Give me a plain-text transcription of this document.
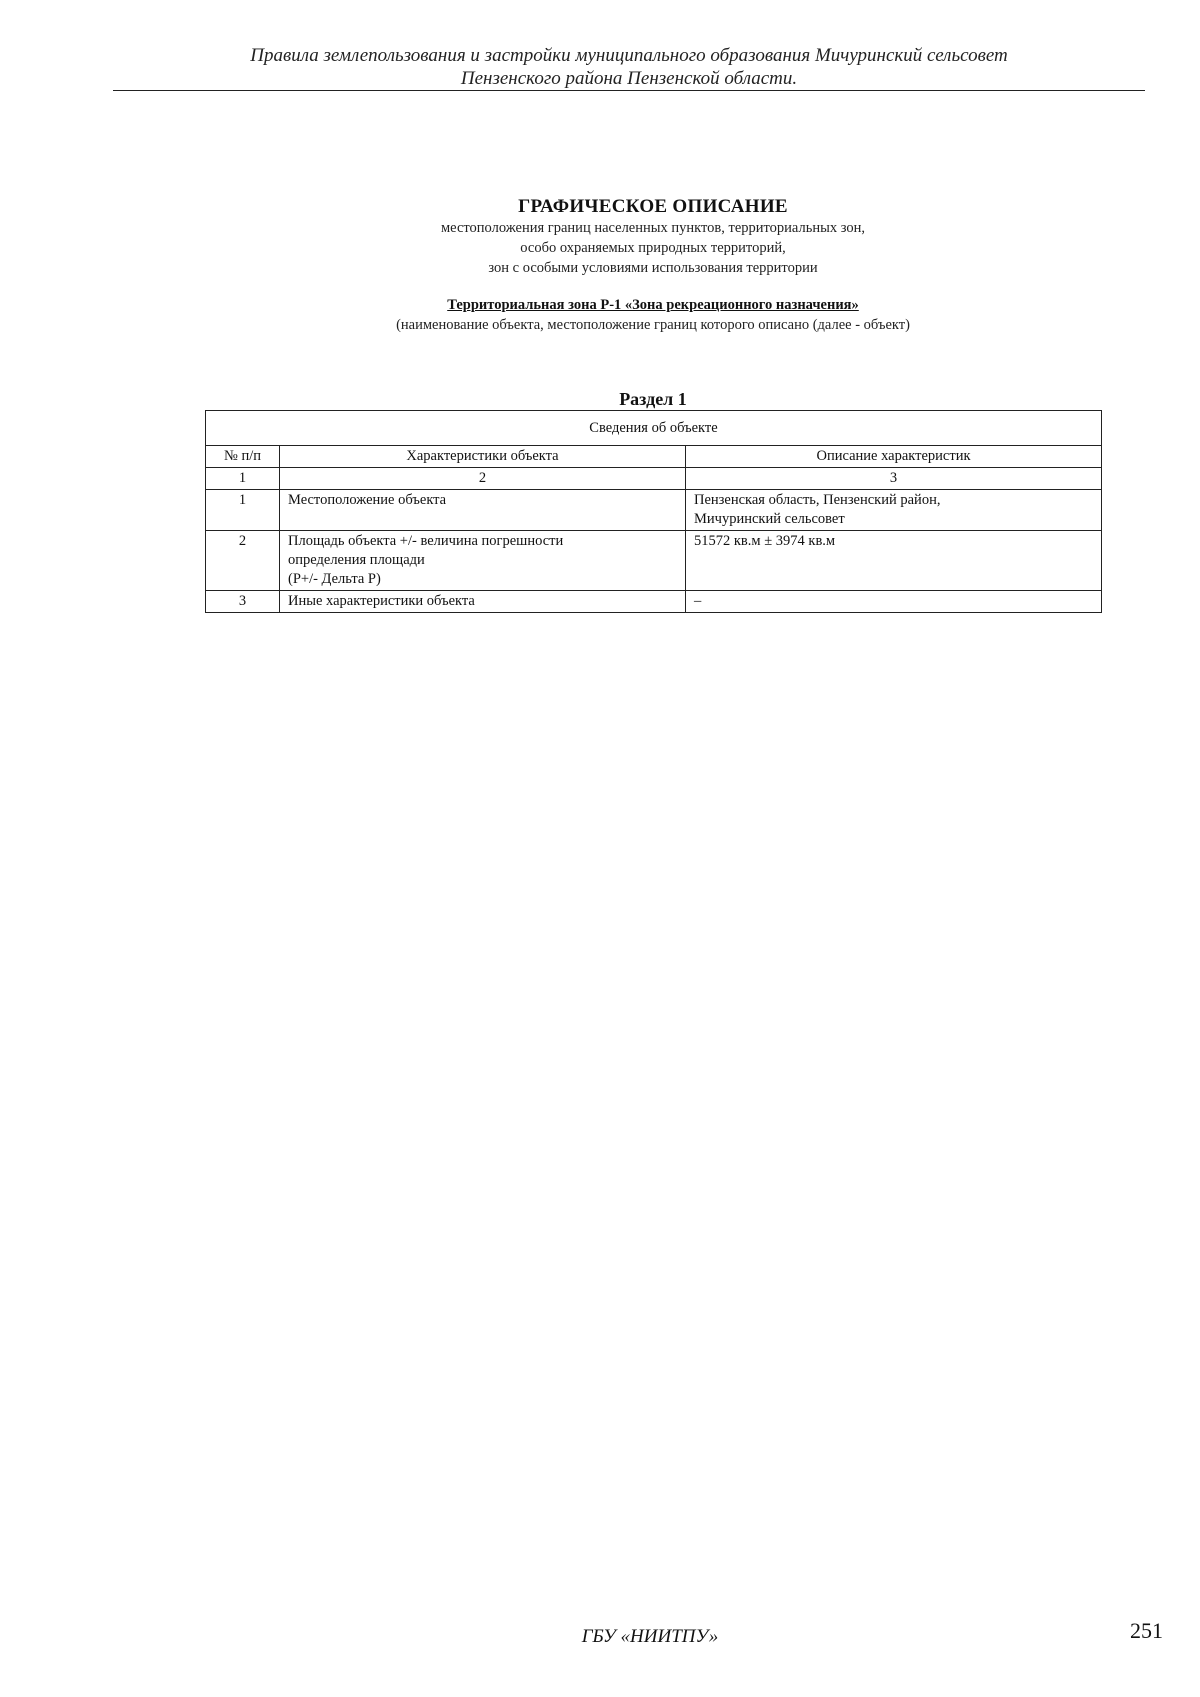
Правила землепользования и застройки муниципального образования Мичуринский сельсовет
Пензенского района Пензенской области.
ГРАФИЧЕСКОЕ ОПИСАНИЕ
местоположения границ населенных пунктов, территориальных зон,
особо охраняемых природных территорий,
зон с особыми условиями использования территории
Территориальная зона Р-1 «Зона рекреационного назначения»
(наименование объекта, местоположение границ которого описано (далее - объект)
Раздел 1
Сведения об объекте		
№ п/п	Характеристики объекта	Описание характеристик
1	2	3
1	Местоположение объекта	Пензенская область, Пензенский район,
Мичуринский сельсовет

2	Площадь объекта +/- величина погрешности
определения площади
(P+/- Дельта P)	51572 кв.м ± 3974 кв.м

3	Иные характеристики объекта	–
ГБУ «НИИТПУ»	251
